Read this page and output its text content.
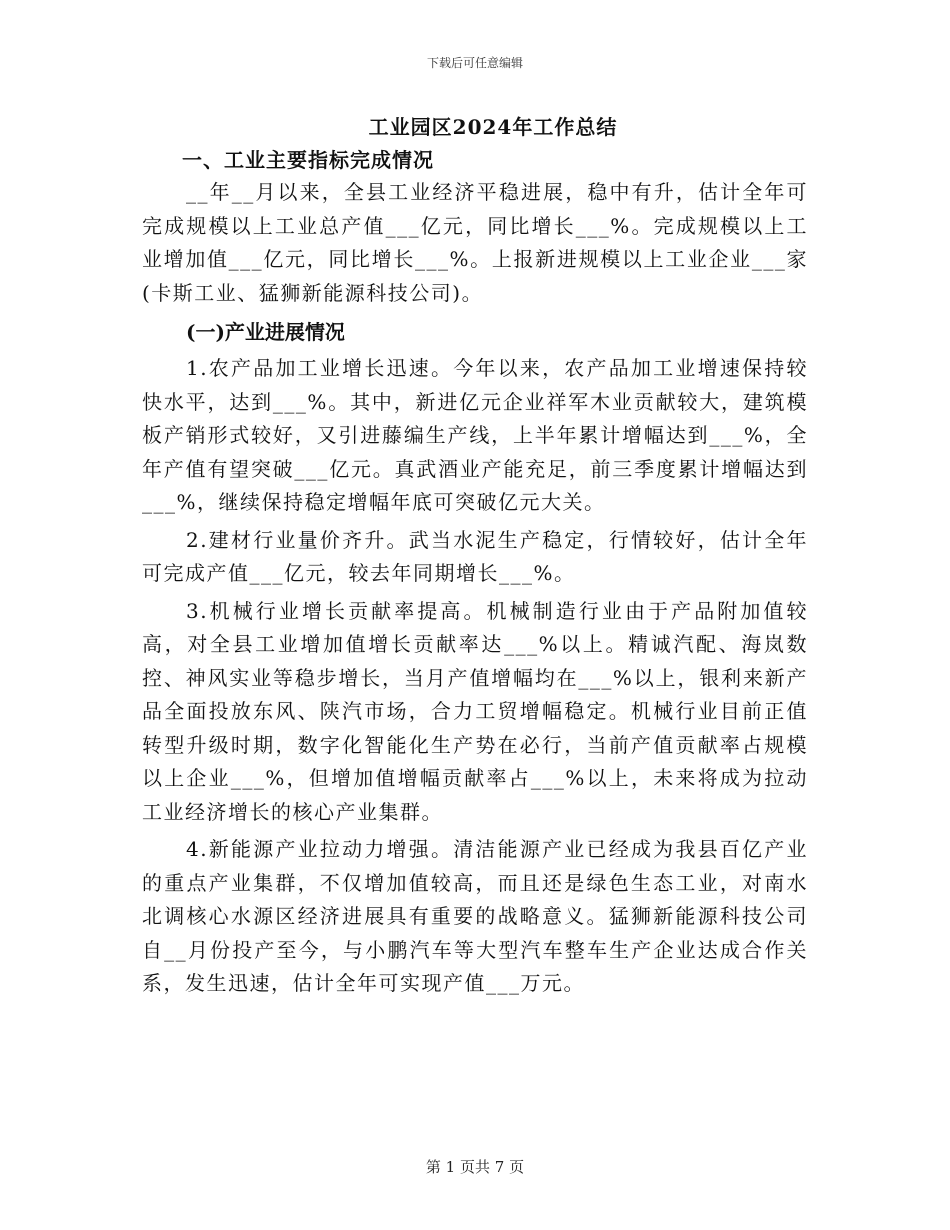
下载后可任意编辑
工业园区2024年工作总结
一、工业主要指标完成情况

__年__月以来，全县工业经济平稳进展，稳中有升，估计全年可完成规模以上工业总产值___亿元，同比增长___%。完成规模以上工业增加值___亿元，同比增长___%。上报新进规模以上工业企业___家(卡斯工业、猛狮新能源科技公司)。

(一)产业进展情况

1.农产品加工业增长迅速。今年以来，农产品加工业增速保持较快水平，达到___%。其中，新进亿元企业祥军木业贡献较大，建筑模板产销形式较好，又引进藤编生产线，上半年累计增幅达到___%，全年产值有望突破___亿元。真武酒业产能充足，前三季度累计增幅达到___%，继续保持稳定增幅年底可突破亿元大关。

2.建材行业量价齐升。武当水泥生产稳定，行情较好，估计全年可完成产值___亿元，较去年同期增长___%。

3.机械行业增长贡献率提高。机械制造行业由于产品附加值较高，对全县工业增加值增长贡献率达___%以上。精诚汽配、海岚数控、神风实业等稳步增长，当月产值增幅均在___%以上，银利来新产品全面投放东风、陕汽市场，合力工贸增幅稳定。机械行业目前正值转型升级时期，数字化智能化生产势在必行，当前产值贡献率占规模以上企业___%，但增加值增幅贡献率占___%以上，未来将成为拉动工业经济增长的核心产业集群。

4.新能源产业拉动力增强。清洁能源产业已经成为我县百亿产业的重点产业集群，不仅增加值较高，而且还是绿色生态工业，对南水北调核心水源区经济进展具有重要的战略意义。猛狮新能源科技公司自__月份投产至今，与小鹏汽车等大型汽车整车生产企业达成合作关系，发生迅速，估计全年可实现产值___万元。

第 1 页共 7 页
